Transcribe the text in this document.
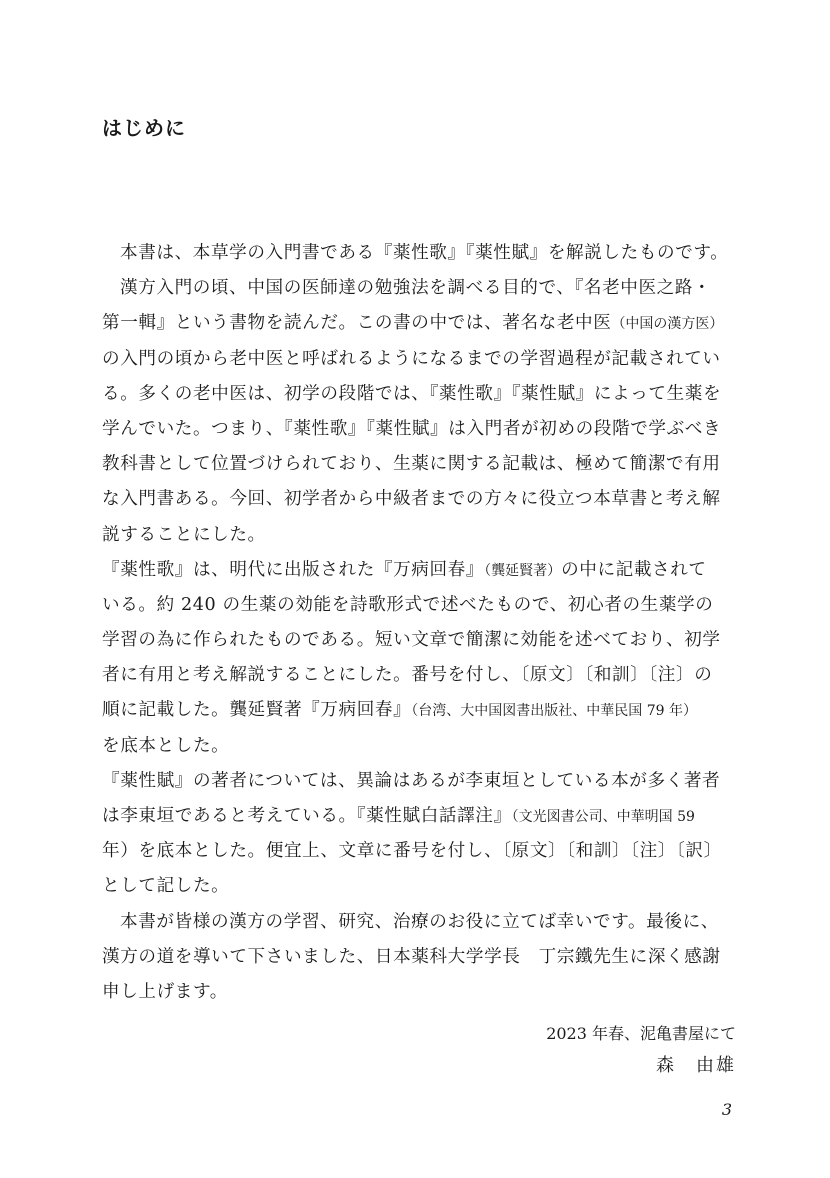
はじめに
本書は、本草学の入門書である『薬性歌』『薬性賦』を解説したものです。
漢方入門の頃、中国の医師達の勉強法を調べる目的で、『名老中医之路・
第一輯』という書物を読んだ。この書の中では、著名な老中医（中国の漢方医）
の入門の頃から老中医と呼ばれるようになるまでの学習過程が記載されてい
る。多くの老中医は、初学の段階では、『薬性歌』『薬性賦』によって生薬を
学んでいた。つまり、『薬性歌』『薬性賦』は入門者が初めの段階で学ぶべき
教科書として位置づけられており、生薬に関する記載は、極めて簡潔で有用
な入門書ある。今回、初学者から中級者までの方々に役立つ本草書と考え解
説することにした。
『薬性歌』は、明代に出版された『万病回春』（龔延賢著）の中に記載されて
いる。約 240 の生薬の効能を詩歌形式で述べたもので、初心者の生薬学の
学習の為に作られたものである。短い文章で簡潔に効能を述べており、初学
者に有用と考え解説することにした。番号を付し、〔原文〕〔和訓〕〔注〕の
順に記載した。龔延賢著『万病回春』（台湾、大中国図書出版社、中華民国 79 年）
を底本とした。
『薬性賦』の著者については、異論はあるが李東垣としている本が多く著者
は李東垣であると考えている。『薬性賦白話譯注』（文光図書公司、中華明国 59
年）を底本とした。便宜上、文章に番号を付し、〔原文〕〔和訓〕〔注〕〔訳〕
として記した。
本書が皆様の漢方の学習、研究、治療のお役に立てば幸いです。最後に、
漢方の道を導いて下さいました、日本薬科大学学長　丁宗鐵先生に深く感謝
申し上げます。
2023 年春、泥亀書屋にて
森　由雄
3
